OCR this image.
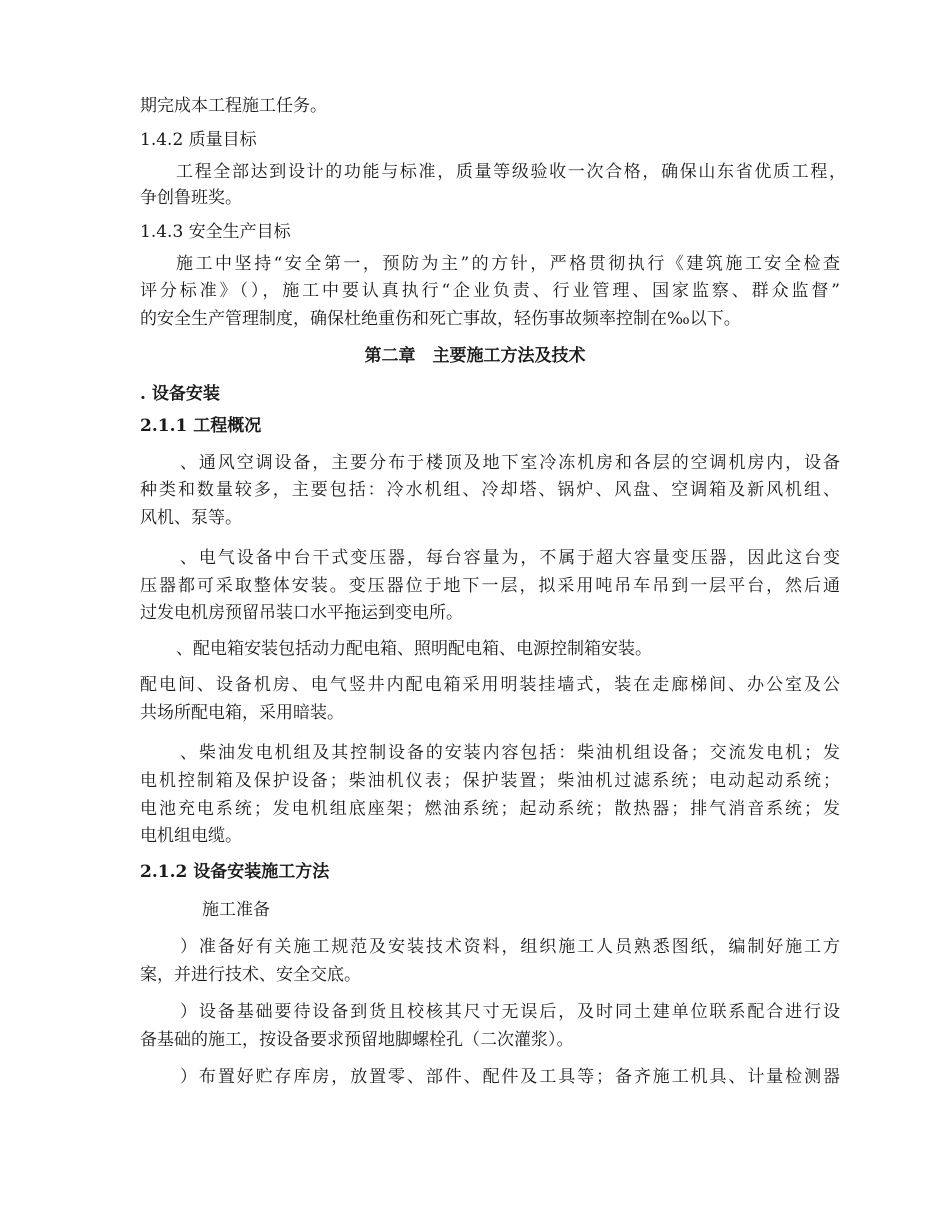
期完成本工程施工任务。
1.4.2 质量目标
工程全部达到设计的功能与标准，质量等级验收一次合格，确保山东省优质工程，
争创鲁班奖。
1.4.3 安全生产目标
施工中坚持“安全第一，预防为主”的方针，严格贯彻执行《建筑施工安全检查
评分标准》（），施工中要认真执行“企业负责、行业管理、国家监察、群众监督”
的安全生产管理制度，确保杜绝重伤和死亡事故，轻伤事故频率控制在‰以下。
第二章　主要施工方法及技术
. 设备安装
2.1.1 工程概况
、通风空调设备，主要分布于楼顶及地下室冷冻机房和各层的空调机房内，设备
种类和数量较多，主要包括：冷水机组、冷却塔、锅炉、风盘、空调箱及新风机组、
风机、泵等。
、电气设备中台干式变压器，每台容量为，不属于超大容量变压器，因此这台变
压器都可采取整体安装。变压器位于地下一层，拟采用吨吊车吊到一层平台，然后通
过发电机房预留吊装口水平拖运到变电所。
、配电箱安装包括动力配电箱、照明配电箱、电源控制箱安装。
配电间、设备机房、电气竖井内配电箱采用明装挂墙式，装在走廊梯间、办公室及公
共场所配电箱，采用暗装。
、柴油发电机组及其控制设备的安装内容包括：柴油机组设备；交流发电机；发
电机控制箱及保护设备；柴油机仪表；保护装置；柴油机过滤系统；电动起动系统；
电池充电系统；发电机组底座架；燃油系统；起动系统；散热器；排气消音系统；发
电机组电缆。
2.1.2 设备安装施工方法
施工准备
）准备好有关施工规范及安装技术资料，组织施工人员熟悉图纸，编制好施工方
案，并进行技术、安全交底。
）设备基础要待设备到货且校核其尺寸无误后，及时同土建单位联系配合进行设
备基础的施工，按设备要求预留地脚螺栓孔（二次灌浆）。
）布置好贮存库房，放置零、部件、配件及工具等；备齐施工机具、计量检测器
